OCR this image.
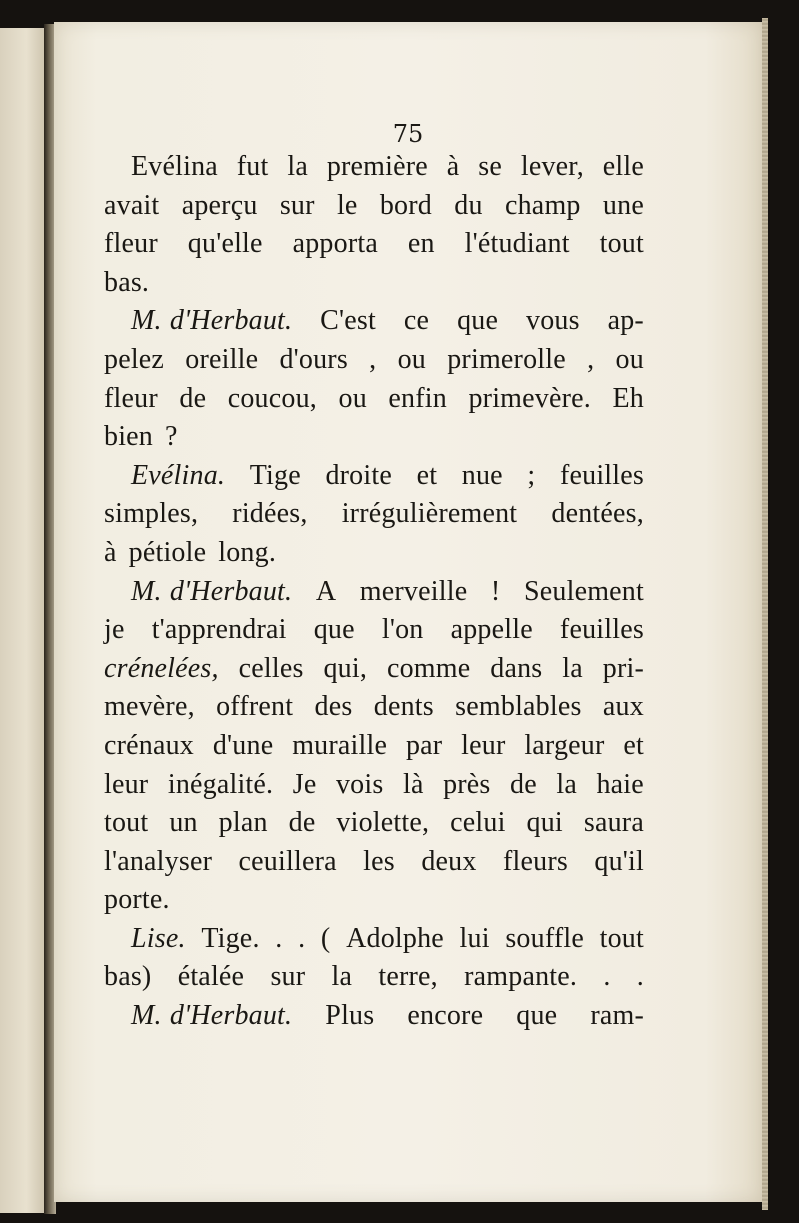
75
Evélina fut la première à se lever, elle
avait aperçu sur le bord du champ une
fleur qu'elle apporta en l'étudiant tout
bas.
M. d'Herbaut. C'est ce que vous ap-
pelez oreille d'ours , ou primerolle , ou
fleur de coucou, ou enfin primevère. Eh
bien ?
Evélina. Tige droite et nue ; feuilles
simples, ridées, irrégulièrement dentées,
à pétiole long.
M. d'Herbaut. A merveille ! Seulement
je t'apprendrai que l'on appelle feuilles
crénelées, celles qui, comme dans la pri-
mevère, offrent des dents semblables aux
crénaux d'une muraille par leur largeur et
leur inégalité. Je vois là près de la haie
tout un plan de violette, celui qui saura
l'analyser ceuillera les deux fleurs qu'il
porte.
Lise. Tige. . . ( Adolphe lui souffle tout
bas) étalée sur la terre, rampante. . .
M. d'Herbaut. Plus encore que ram-
